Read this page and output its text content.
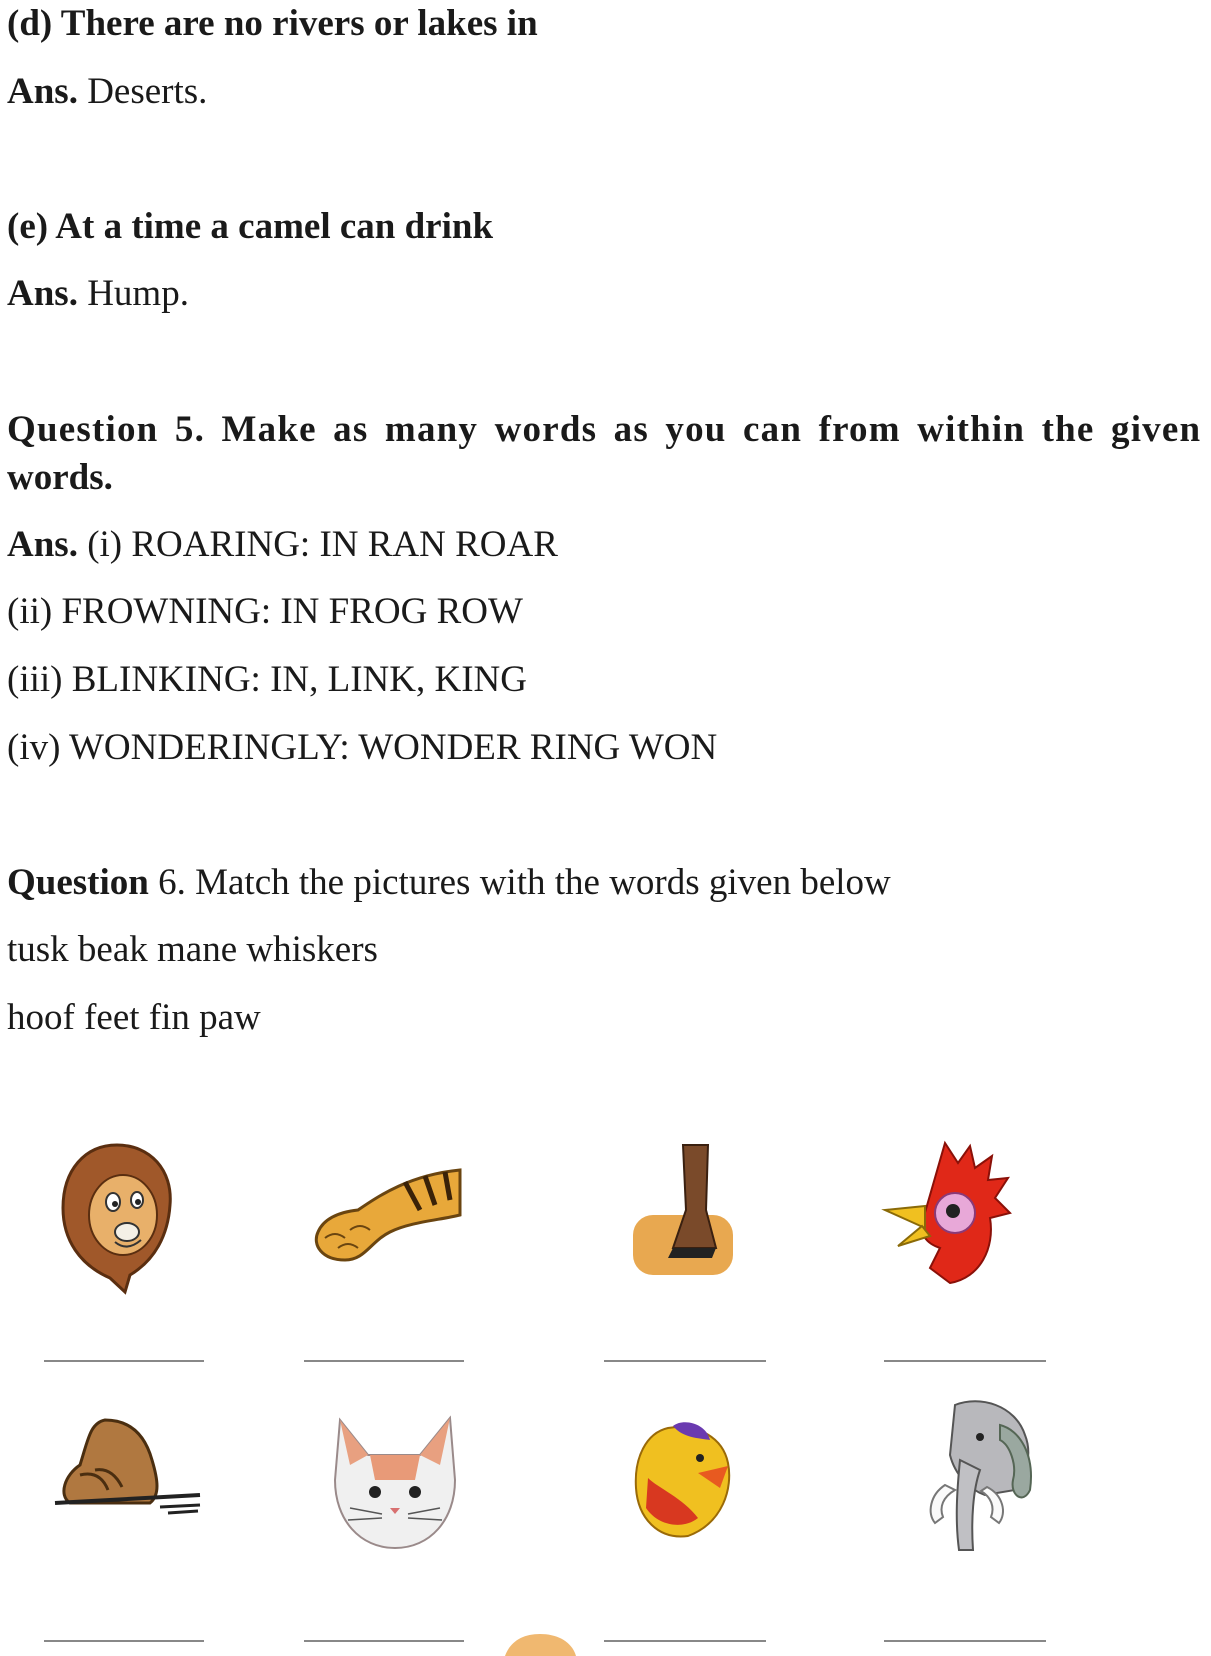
(d) There are no rivers or lakes in
Ans. Deserts.
(e) At a time a camel can drink
Ans. Hump.
Question 5. Make as many words as you can from within the given
words.
Ans. (i) ROARING: IN RAN ROAR
(ii) FROWNING: IN FROG ROW
(iii) BLINKING: IN, LINK, KING
(iv) WONDERINGLY: WONDER RING WON
Question 6. Match the pictures with the words given below
tusk beak mane whiskers
hoof feet fin paw
